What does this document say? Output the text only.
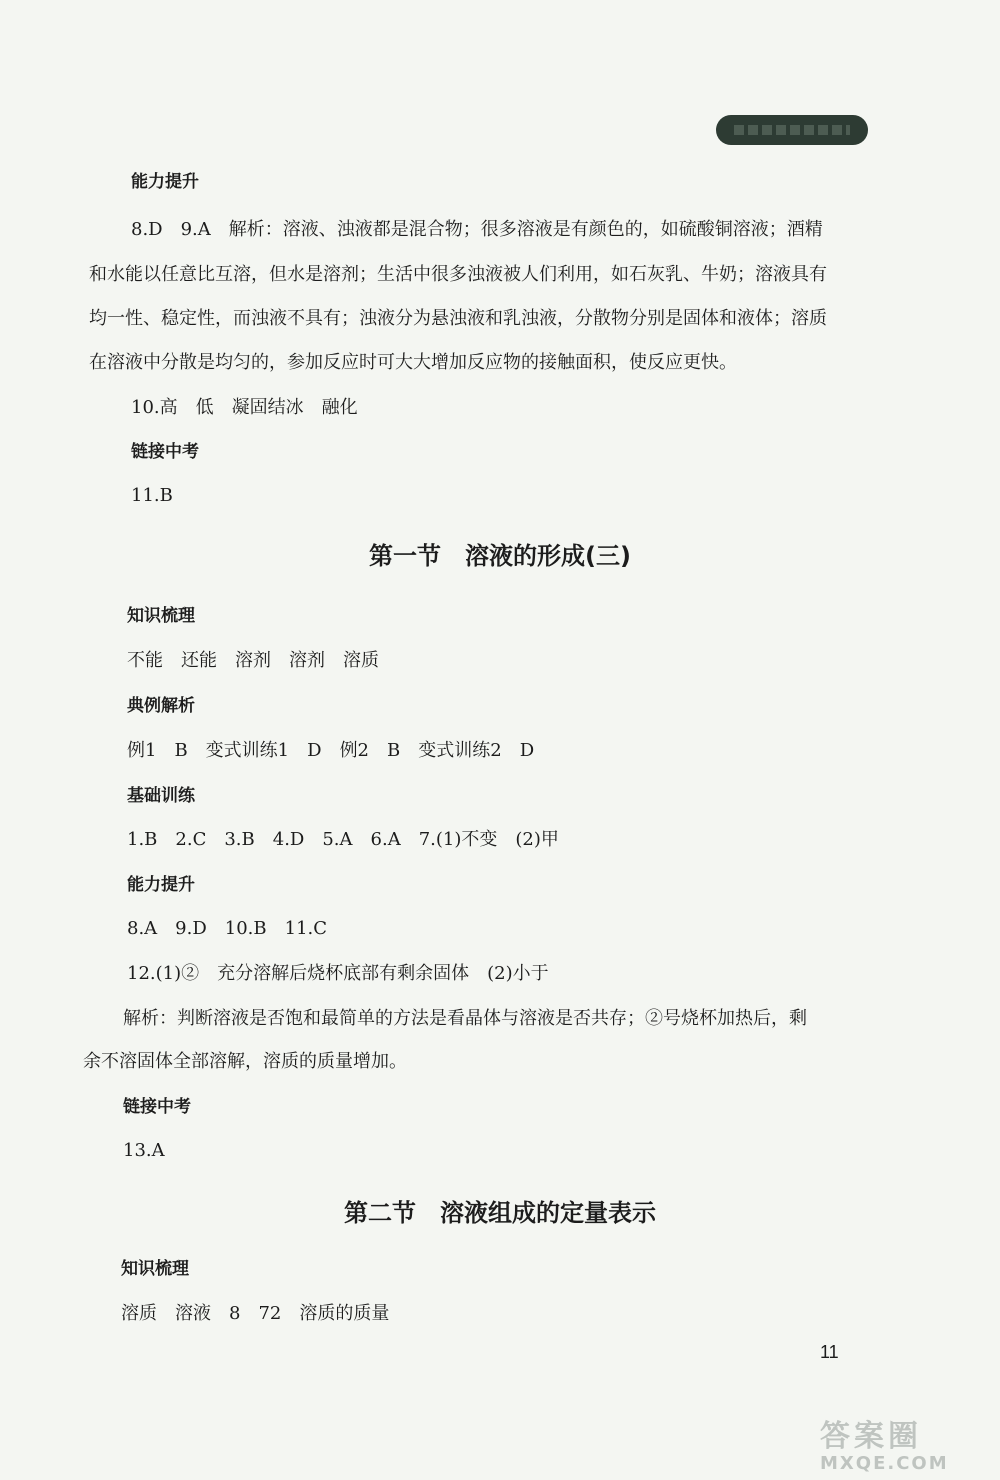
能力提升
8.D　9.A　解析：溶液、浊液都是混合物；很多溶液是有颜色的，如硫酸铜溶液；酒精
和水能以任意比互溶，但水是溶剂；生活中很多浊液被人们利用，如石灰乳、牛奶；溶液具有
均一性、稳定性，而浊液不具有；浊液分为悬浊液和乳浊液，分散物分别是固体和液体；溶质
在溶液中分散是均匀的，参加反应时可大大增加反应物的接触面积，使反应更快。
10.高　低　凝固结冰　融化
链接中考
11.B
第一节　溶液的形成(三)
知识梳理
不能　还能　溶剂　溶剂　溶质
典例解析
例1　B　变式训练1　D　例2　B　变式训练2　D
基础训练
1.B　2.C　3.B　4.D　5.A　6.A　7.(1)不变　(2)甲
能力提升
8.A　9.D　10.B　11.C
12.(1)②　充分溶解后烧杯底部有剩余固体　(2)小于
解析：判断溶液是否饱和最简单的方法是看晶体与溶液是否共存；②号烧杯加热后，剩
余不溶固体全部溶解，溶质的质量增加。
链接中考
13.A
第二节　溶液组成的定量表示
知识梳理
溶质　溶液　8　72　溶质的质量
11
答案圈
MXQE.COM
